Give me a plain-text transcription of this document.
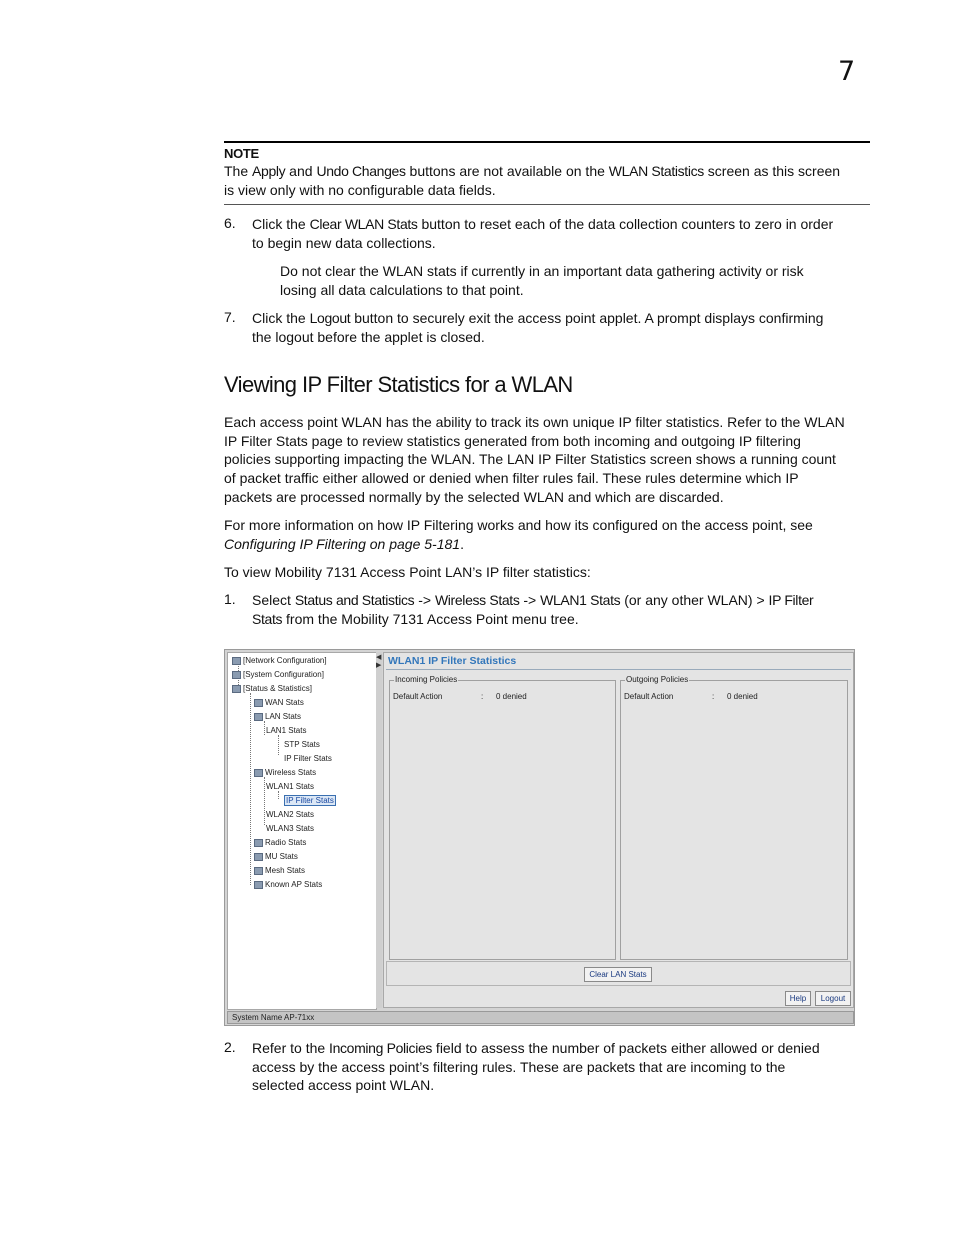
7
NOTE
The Apply and Undo Changes buttons are not available on the WLAN Statistics screen as this screen
is view only with no configurable data fields.
6. Click the Clear WLAN Stats button to reset each of the data collection counters to zero in order
to begin new data collections.
Do not clear the WLAN stats if currently in an important data gathering activity or risk
losing all data calculations to that point.
7. Click the Logout button to securely exit the access point applet. A prompt displays confirming
the logout before the applet is closed.
Viewing IP Filter Statistics for a WLAN
Each access point WLAN has the ability to track its own unique IP filter statistics. Refer to the WLAN
IP Filter Stats page to review statistics generated from both incoming and outgoing IP filtering
policies supporting impacting the WLAN. The LAN IP Filter Statistics screen shows a running count
of packet traffic either allowed or denied when filter rules fail. These rules determine which IP
packets are processed normally by the selected WLAN and which are discarded.
For more information on how IP Filtering works and how its configured on the access point, see
Configuring IP Filtering on page 5-181.
To view Mobility 7131 Access Point LAN’s IP filter statistics:
1. Select Status and Statistics -> Wireless Stats -> WLAN1 Stats (or any other WLAN) > IP Filter
Stats from the Mobility 7131 Access Point menu tree.
[Network Configuration]
[System Configuration]
[Status & Statistics]
WAN Stats
LAN Stats
LAN1 Stats
STP Stats
IP Filter Stats
Wireless Stats
WLAN1 Stats
IP Filter Stats
WLAN2 Stats
WLAN3 Stats
Radio Stats
MU Stats
Mesh Stats
Known AP Stats
◀
▶ WLAN1 IP Filter Statistics
Incoming Policies
Default Action	: 0 denied
Outgoing Policies
Default Action	: 0 denied
Clear LAN Stats
Help	Logout
System Name AP-71xx
2. Refer to the Incoming Policies field to assess the number of packets either allowed or denied
access by the access point’s filtering rules. These are packets that are incoming to the
selected access point WLAN.
